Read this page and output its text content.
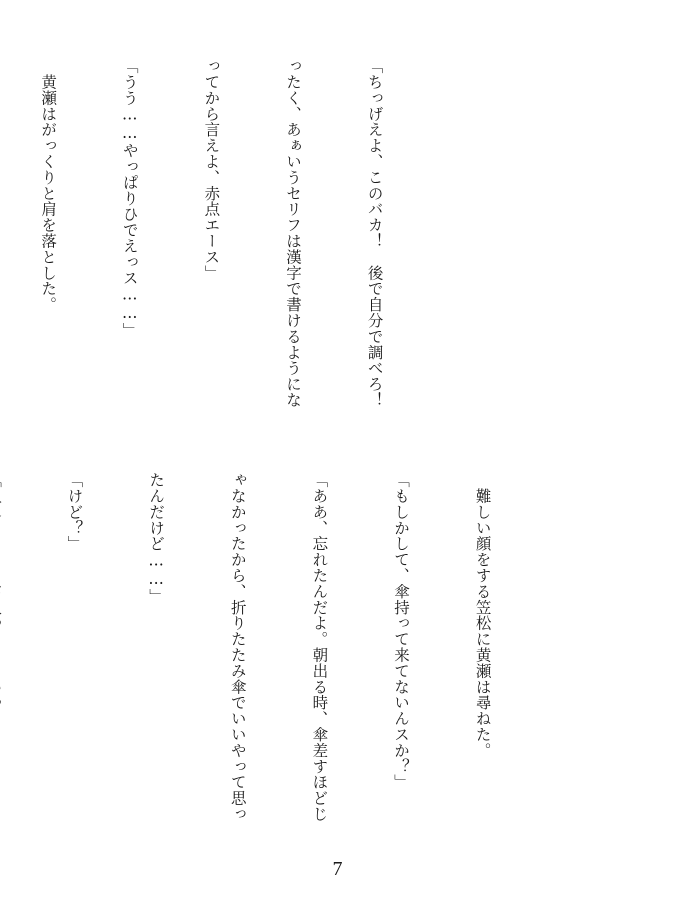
「ちっげえよ、このバカ！　後で自分で調べろ！

ったく、あぁいうセリフは漢字で書けるようにな

ってから言えよ、赤点エース」

「うう……やっぱりひでえっス……」

　黄瀬はがっくりと肩を落とした。

　難しい顔をする笠松に黄瀬は尋ねた。

「もしかして、傘持って来てないんスか？」

「ああ、忘れたんだよ。朝出る時、傘差すほどじ

ゃなかったから、折りたたみ傘でいいやって思っ

たんだけど……」

「けど？」

7
